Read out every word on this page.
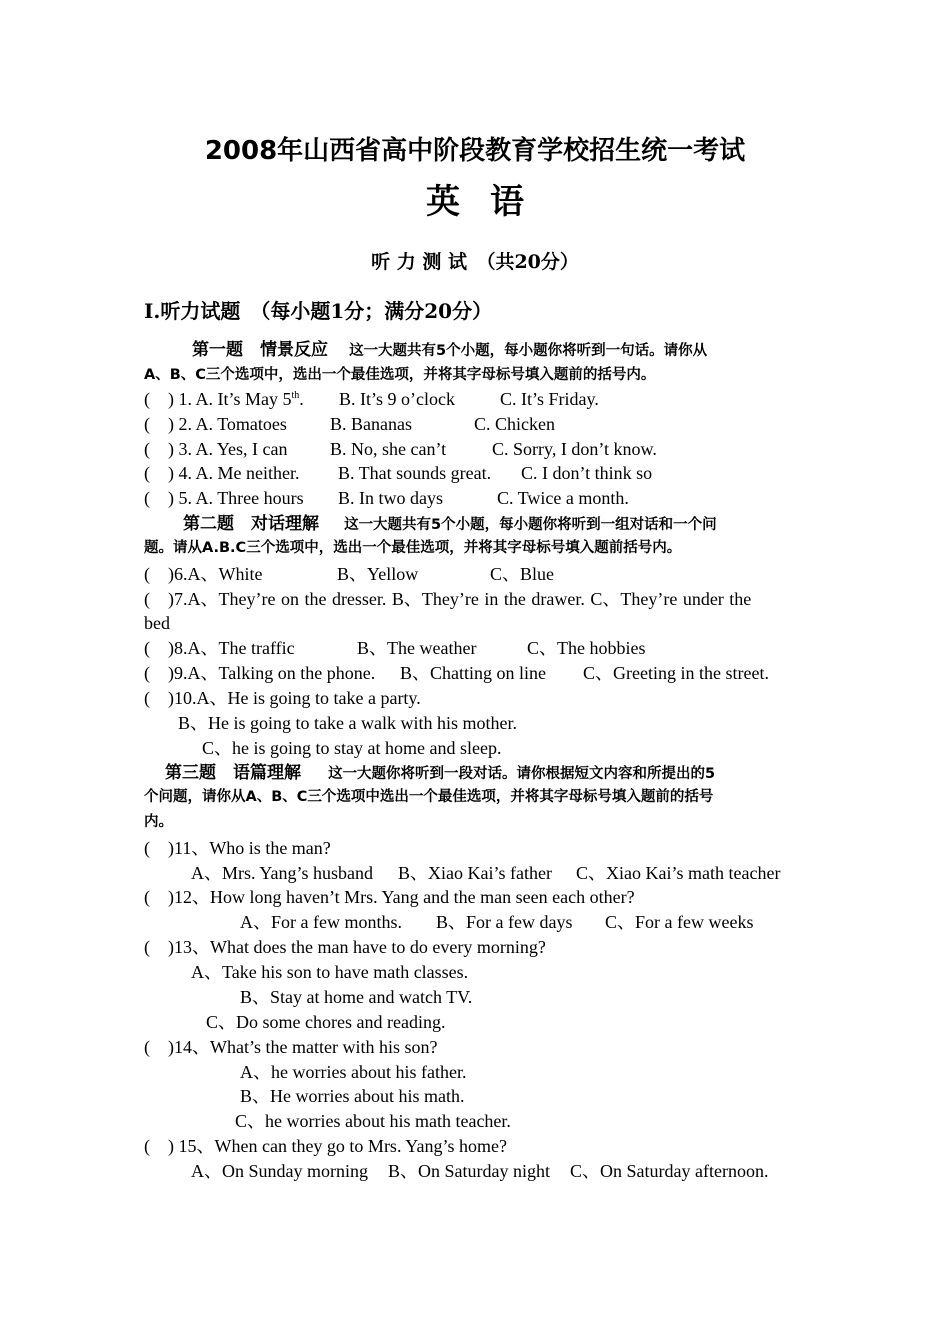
2008年山西省高中阶段教育学校招生统一考试
英语
听 力 测 试　（共20分）
I.听力试题　（每小题1分；满分20分）
第一题　情景反应 这一大题共有5个小题，每小题你将听到一句话。请你从
A、B、C三个选项中，选出一个最佳选项，并将其字母标号填入题前的括号内。
(　) 1. A. It’s May 5th. B. It’s 9 o’clock	C. It’s Friday.
(　) 2. A. Tomatoes B. Bananas	C. Chicken
(　) 3. A. Yes, I can B. No, she can’t	C. Sorry, I don’t know.
(　) 4. A. Me neither. B. That sounds great. C. I don’t think so
(　) 5. A. Three hours B. In two days	C. Twice a month.
第二题　对话理解 这一大题共有5个小题，每小题你将听到一组对话和一个问
题。请从A.B.C三个选项中，选出一个最佳选项，并将其字母标号填入题前括号内。
(　)6.A、White	B、Yellow	C、Blue
(　)7.A、They’re on the dresser. B、They’re in the drawer. C、They’re under the
bed
(　)8.A、The traffic	B、The weather	C、The hobbies
(　)9.A、Talking on the phone. B、Chatting on line C、Greeting in the street.
(　)10.A、He is going to take a party.
B、He is going to take a walk with his mother.
C、he is going to stay at home and sleep.
第三题　语篇理解 这一大题你将听到一段对话。请你根据短文内容和所提出的5
个问题，请你从A、B、C三个选项中选出一个最佳选项，并将其字母标号填入题前的括号
内。
(　)11、Who is the man?
A、Mrs. Yang’s husband B、Xiao Kai’s father C、Xiao Kai’s math teacher
(　)12、How long haven’t Mrs. Yang and the man seen each other?
A、For a few months. B、For a few days C、For a few weeks
(　)13、What does the man have to do every morning?
A、Take his son to have math classes.
B、Stay at home and watch TV.
C、Do some chores and reading.
(　)14、What’s the matter with his son?
A、he worries about his father.
B、He worries about his math.
C、he worries about his math teacher.
(　) 15、When can they go to Mrs. Yang’s home?
A、On Sunday morning B、On Saturday night C、On Saturday afternoon.
